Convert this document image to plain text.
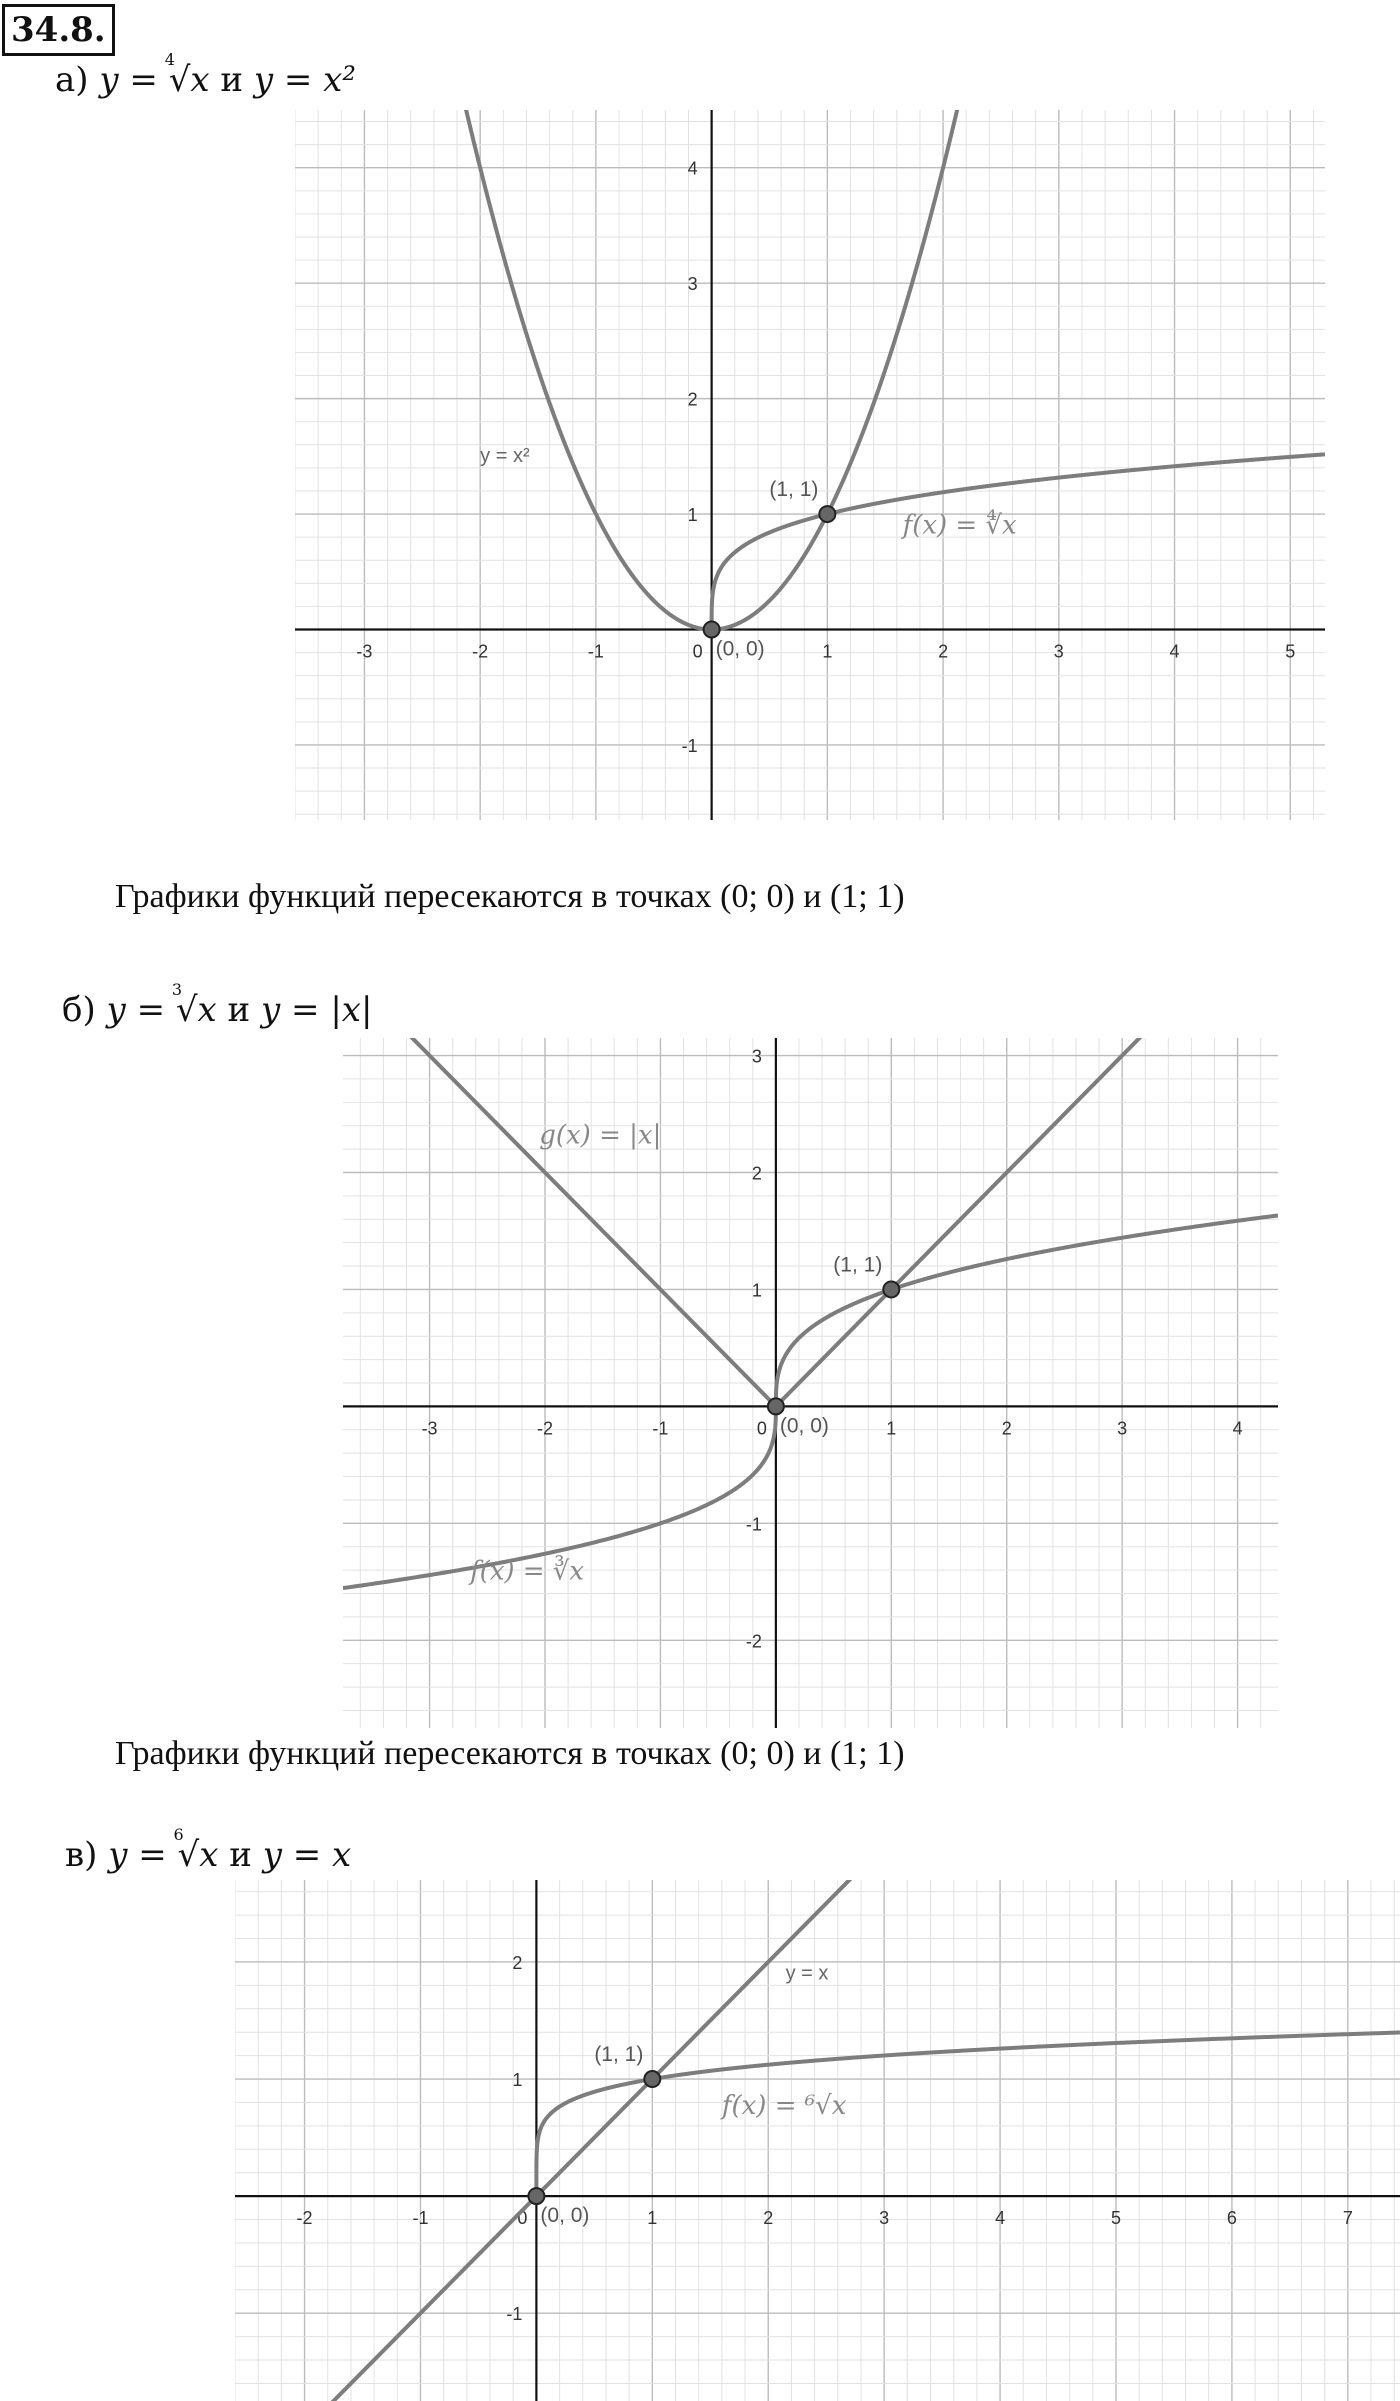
34.8.
а) y =
4
√x и y = x²
-3	-2	-1	0	1	2	3	4	5
-1
1
2
3
4
y = x²
f(x) = ∜x
(0, 0)
(1, 1)
Графики функций пересекаются в точках (0; 0) и (1; 1)
б) y =
3
√x и y = |x|
-3	-2	-1	0	1	2	3	4
-2
-1
1
2
3
g(x) = |x|
f(x) = ∛x
(0, 0)
(1, 1)
Графики функций пересекаются в точках (0; 0) и (1; 1)
в) y =
6
√x и y = x
-2	-1	0	1	2	3	4	5	6	7
-1
1
2	y = x
f(x) = ⁶√x
(0, 0)
(1, 1)
